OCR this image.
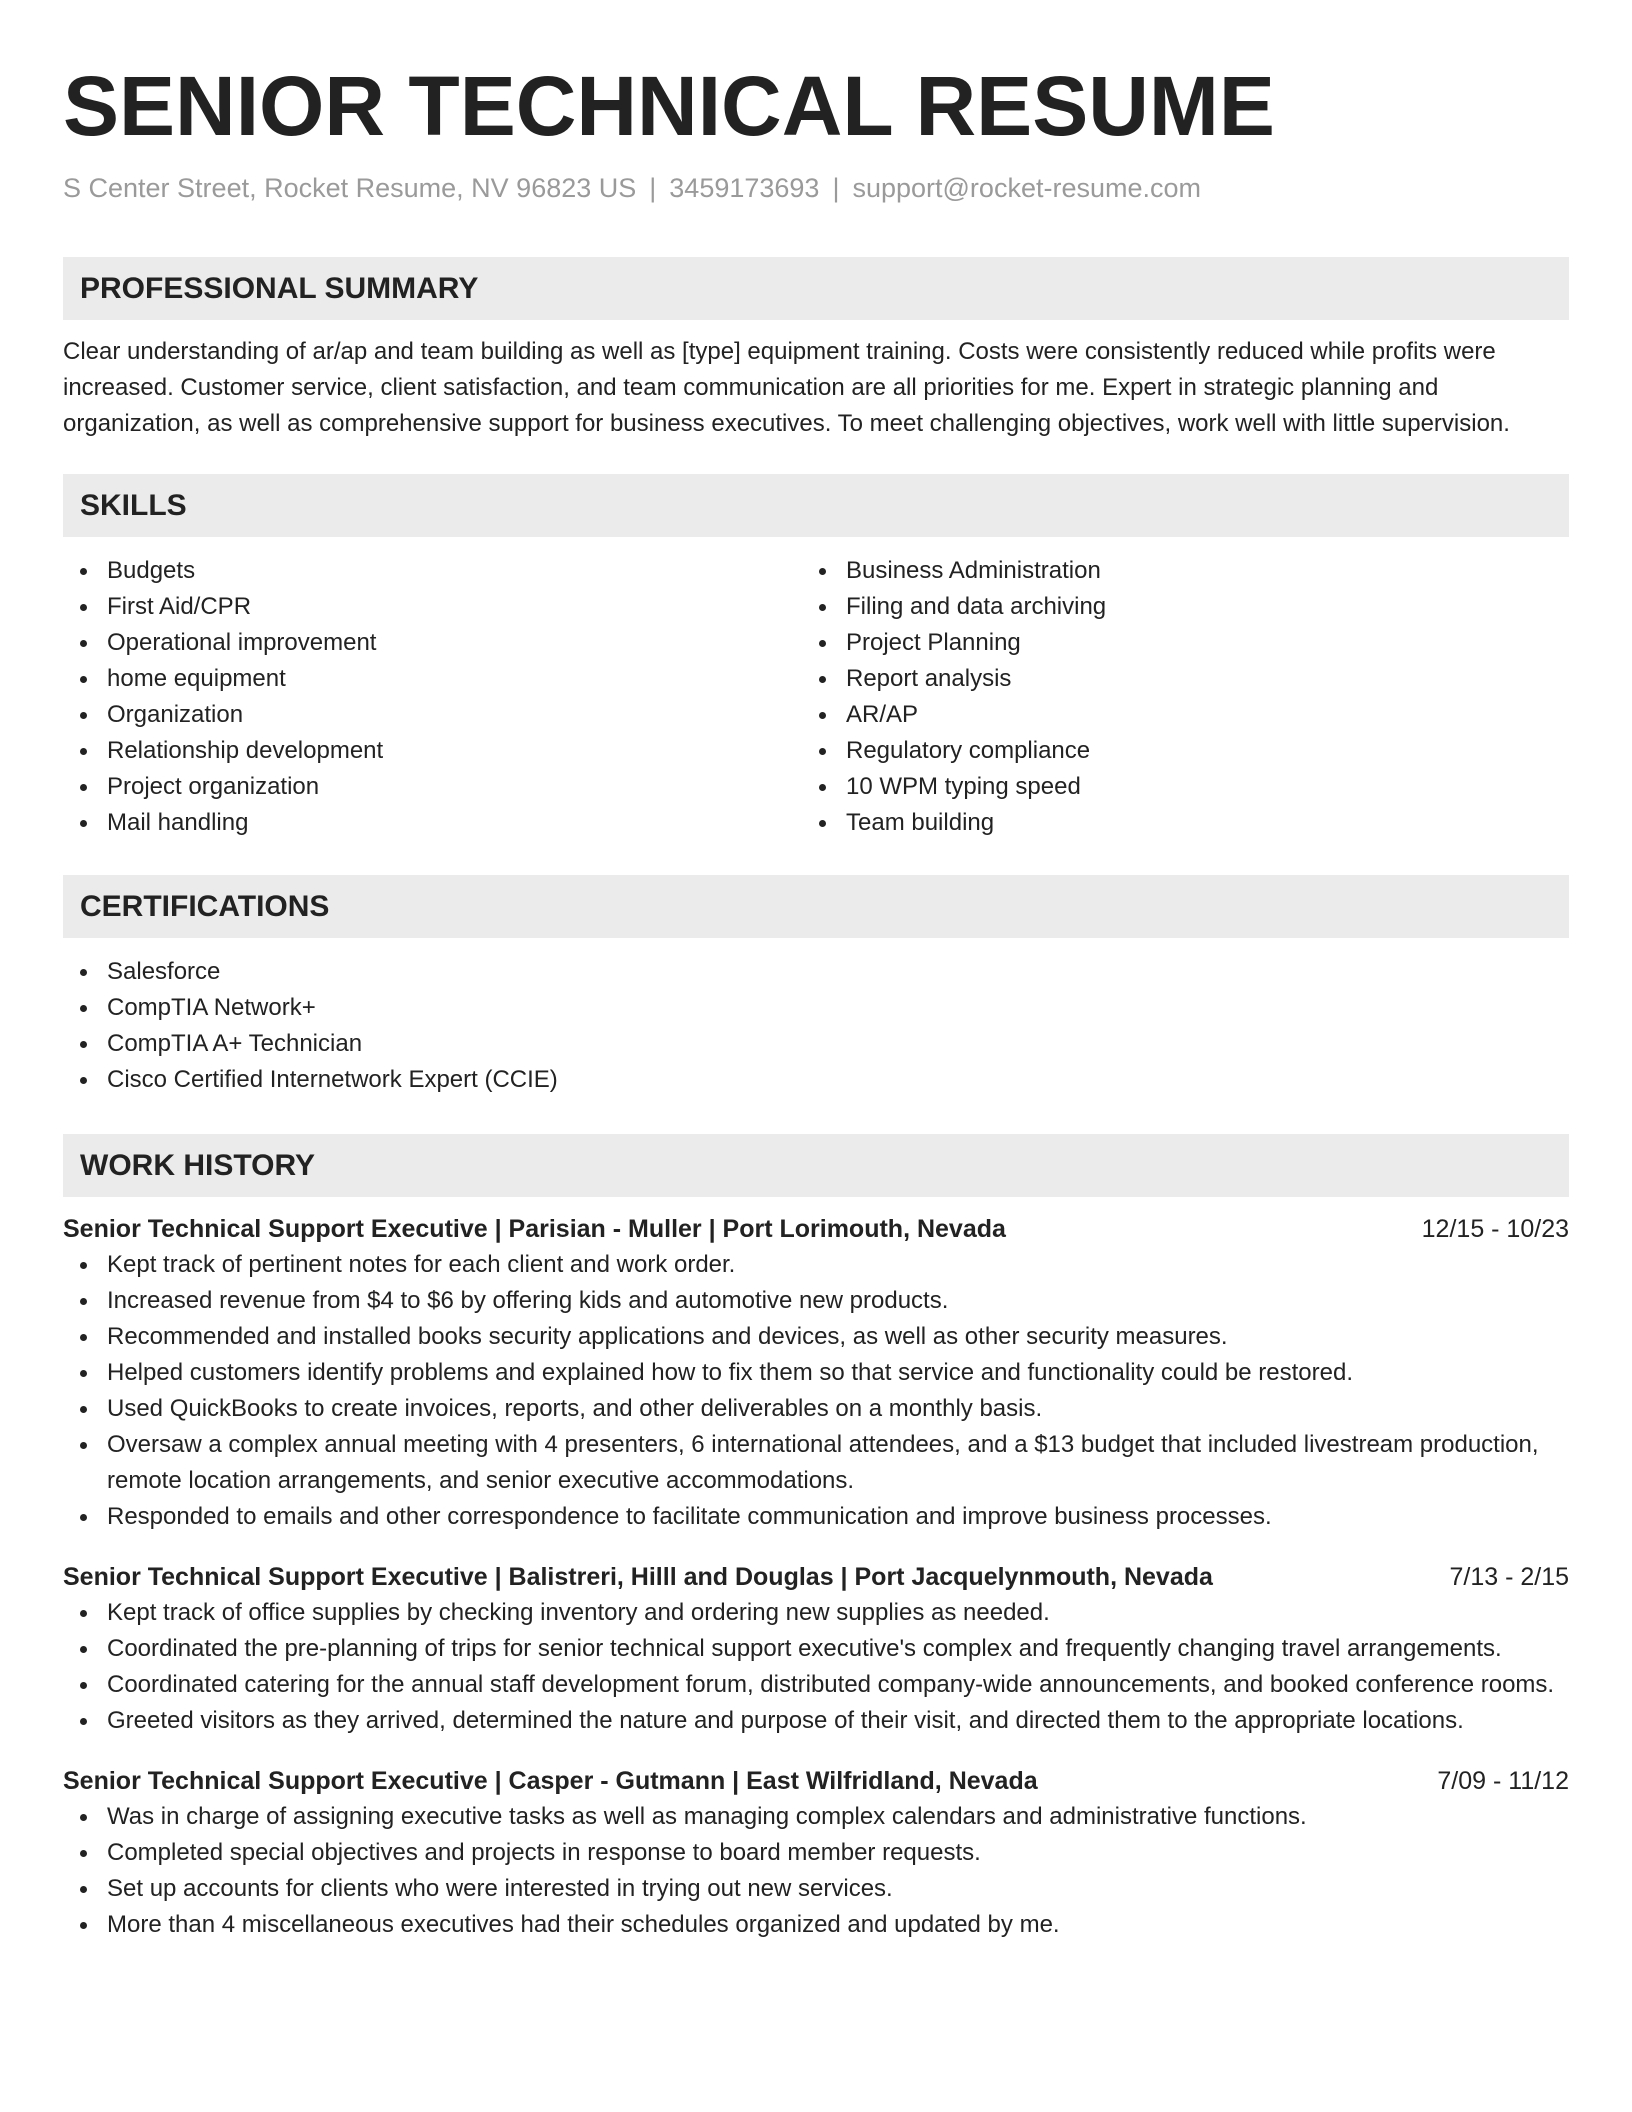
SENIOR TECHNICAL RESUME
S Center Street, Rocket Resume, NV 96823 US | 3459173693 | support@rocket-resume.com
PROFESSIONAL SUMMARY
Clear understanding of ar/ap and team building as well as [type] equipment training. Costs were consistently reduced while profits were increased. Customer service, client satisfaction, and team communication are all priorities for me. Expert in strategic planning and organization, as well as comprehensive support for business executives. To meet challenging objectives, work well with little supervision.
SKILLS
Budgets
First Aid/CPR
Operational improvement
home equipment
Organization
Relationship development
Project organization
Mail handling
Business Administration
Filing and data archiving
Project Planning
Report analysis
AR/AP
Regulatory compliance
10 WPM typing speed
Team building
CERTIFICATIONS
Salesforce
CompTIA Network+
CompTIA A+ Technician
Cisco Certified Internetwork Expert (CCIE)
WORK HISTORY
Senior Technical Support Executive | Parisian - Muller | Port Lorimouth, Nevada	12/15 - 10/23
Kept track of pertinent notes for each client and work order.
Increased revenue from $4 to $6 by offering kids and automotive new products.
Recommended and installed books security applications and devices, as well as other security measures.
Helped customers identify problems and explained how to fix them so that service and functionality could be restored.
Used QuickBooks to create invoices, reports, and other deliverables on a monthly basis.
Oversaw a complex annual meeting with 4 presenters, 6 international attendees, and a $13 budget that included livestream production, remote location arrangements, and senior executive accommodations.
Responded to emails and other correspondence to facilitate communication and improve business processes.
Senior Technical Support Executive | Balistreri, Hilll and Douglas | Port Jacquelynmouth, Nevada	7/13 - 2/15
Kept track of office supplies by checking inventory and ordering new supplies as needed.
Coordinated the pre-planning of trips for senior technical support executive's complex and frequently changing travel arrangements.
Coordinated catering for the annual staff development forum, distributed company-wide announcements, and booked conference rooms.
Greeted visitors as they arrived, determined the nature and purpose of their visit, and directed them to the appropriate locations.
Senior Technical Support Executive | Casper - Gutmann | East Wilfridland, Nevada	7/09 - 11/12
Was in charge of assigning executive tasks as well as managing complex calendars and administrative functions.
Completed special objectives and projects in response to board member requests.
Set up accounts for clients who were interested in trying out new services.
More than 4 miscellaneous executives had their schedules organized and updated by me.
